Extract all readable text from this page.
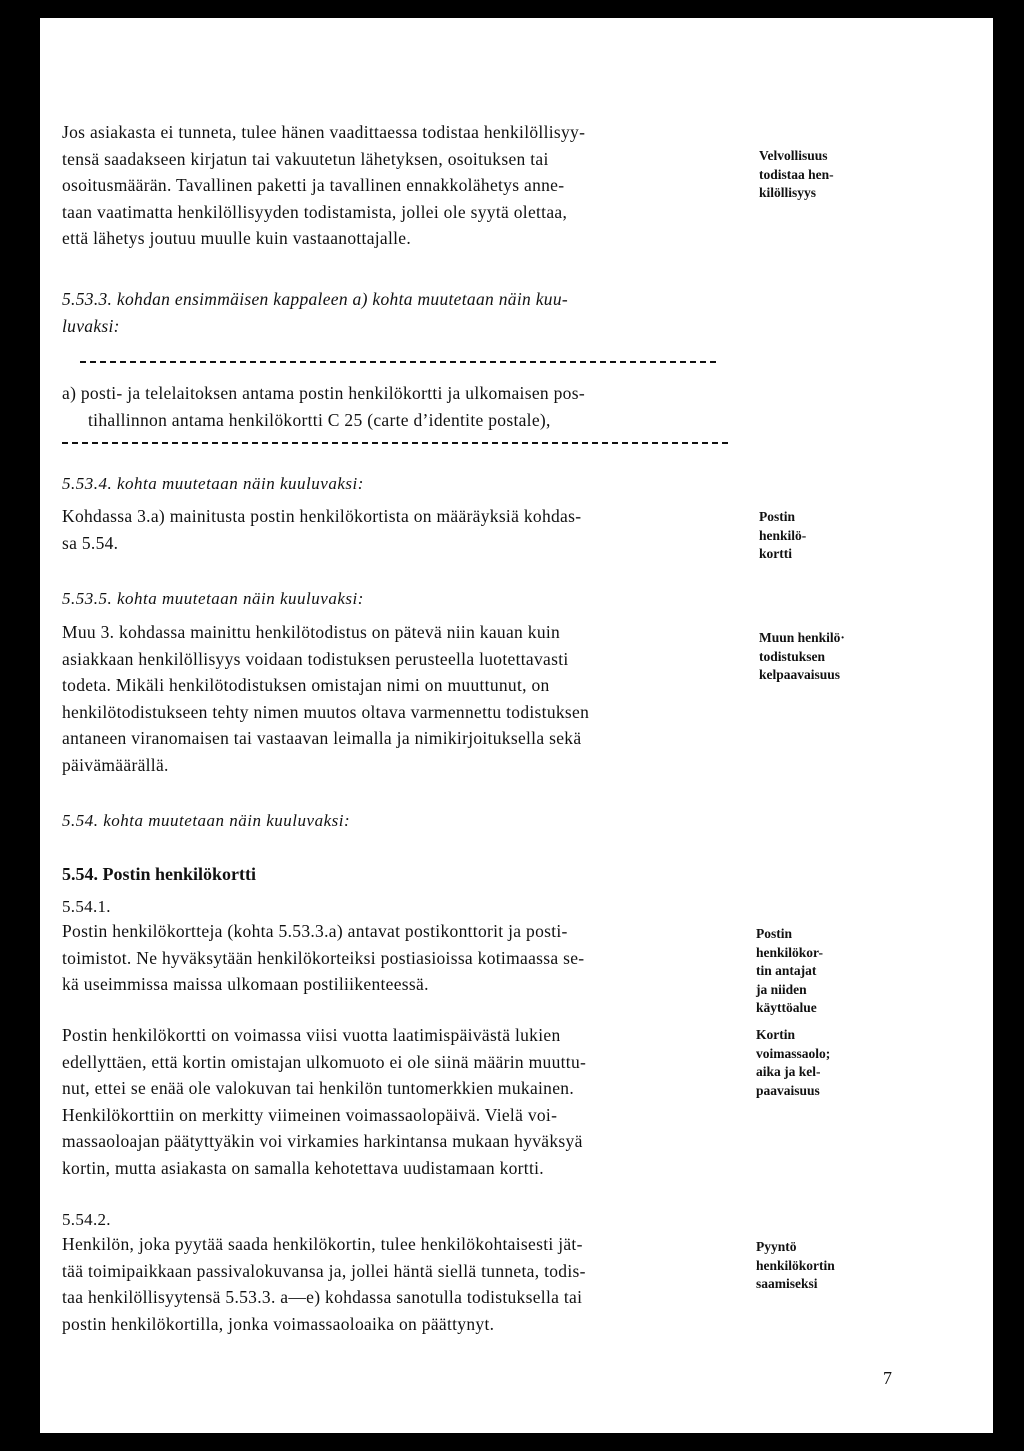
Jos asiakasta ei tunneta, tulee hänen vaadittaessa todistaa henkilöllisyy-
tensä saadakseen kirjatun tai vakuutetun lähetyksen, osoituksen tai
osoitusmäärän. Tavallinen paketti ja tavallinen ennakkolähetys anne-
taan vaatimatta henkilöllisyyden todistamista, jollei ole syytä olettaa,
että lähetys joutuu muulle kuin vastaanottajalle.
Velvollisuus
todistaa hen-
kilöllisyys
5.53.3. kohdan ensimmäisen kappaleen a) kohta muutetaan näin kuu-
luvaksi:
a) posti- ja telelaitoksen antama postin henkilökortti ja ulkomaisen pos-
tihallinnon antama henkilökortti C 25 (carte d’identite postale),

5.53.4. kohta muutetaan näin kuuluvaksi:

Kohdassa 3.a) mainitusta postin henkilökortista on määräyksiä kohdas-
sa 5.54.
Postin
henkilö-
kortti

5.53.5. kohta muutetaan näin kuuluvaksi:

Muu 3. kohdassa mainittu henkilötodistus on pätevä niin kauan kuin
asiakkaan henkilöllisyys voidaan todistuksen perusteella luotettavasti
todeta. Mikäli henkilötodistuksen omistajan nimi on muuttunut, on
henkilötodistukseen tehty nimen muutos oltava varmennettu todistuksen
antaneen viranomaisen tai vastaavan leimalla ja nimikirjoituksella sekä
päivämäärällä.
Muun henkilö·
todistuksen
kelpaavaisuus

5.54. kohta muutetaan näin kuuluvaksi:

5.54. Postin henkilökortti

5.54.1.

Postin henkilökortteja (kohta 5.53.3.a) antavat postikonttorit ja posti-
toimistot. Ne hyväksytään henkilökorteiksi postiasioissa kotimaassa se-
kä useimmissa maissa ulkomaan postiliikenteessä.
Postin
henkilökor-
tin antajat
ja niiden
käyttöalue
Postin henkilökortti on voimassa viisi vuotta laatimispäivästä lukien
edellyttäen, että kortin omistajan ulkomuoto ei ole siinä määrin muuttu-
nut, ettei se enää ole valokuvan tai henkilön tuntomerkkien mukainen.
Henkilökorttiin on merkitty viimeinen voimassaolopäivä. Vielä voi-
massaoloajan päätyttyäkin voi virkamies harkintansa mukaan hyväksyä
kortin, mutta asiakasta on samalla kehotettava uudistamaan kortti.
Kortin
voimassaolo;
aika ja kel-
paavaisuus

5.54.2.

Henkilön, joka pyytää saada henkilökortin, tulee henkilökohtaisesti jät-
tää toimipaikkaan passivalokuvansa ja, jollei häntä siellä tunneta, todis-
taa henkilöllisyytensä 5.53.3. a—e) kohdassa sanotulla todistuksella tai
postin henkilökortilla, jonka voimassaoloaika on päättynyt.
Pyyntö
henkilökortin
saamiseksi

7
